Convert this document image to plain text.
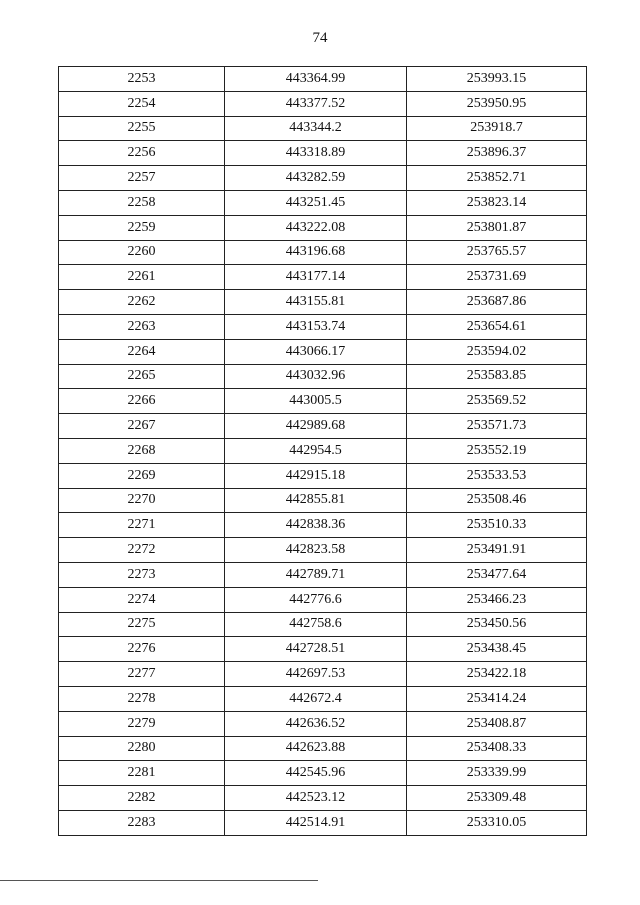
74
2253	443364.99	253993.15
2254	443377.52	253950.95
2255	443344.2	253918.7
2256	443318.89	253896.37
2257	443282.59	253852.71
2258	443251.45	253823.14
2259	443222.08	253801.87
2260	443196.68	253765.57
2261	443177.14	253731.69
2262	443155.81	253687.86
2263	443153.74	253654.61
2264	443066.17	253594.02
2265	443032.96	253583.85
2266	443005.5	253569.52
2267	442989.68	253571.73
2268	442954.5	253552.19
2269	442915.18	253533.53
2270	442855.81	253508.46
2271	442838.36	253510.33
2272	442823.58	253491.91
2273	442789.71	253477.64
2274	442776.6	253466.23
2275	442758.6	253450.56
2276	442728.51	253438.45
2277	442697.53	253422.18
2278	442672.4	253414.24
2279	442636.52	253408.87
2280	442623.88	253408.33
2281	442545.96	253339.99
2282	442523.12	253309.48
2283	442514.91	253310.05
